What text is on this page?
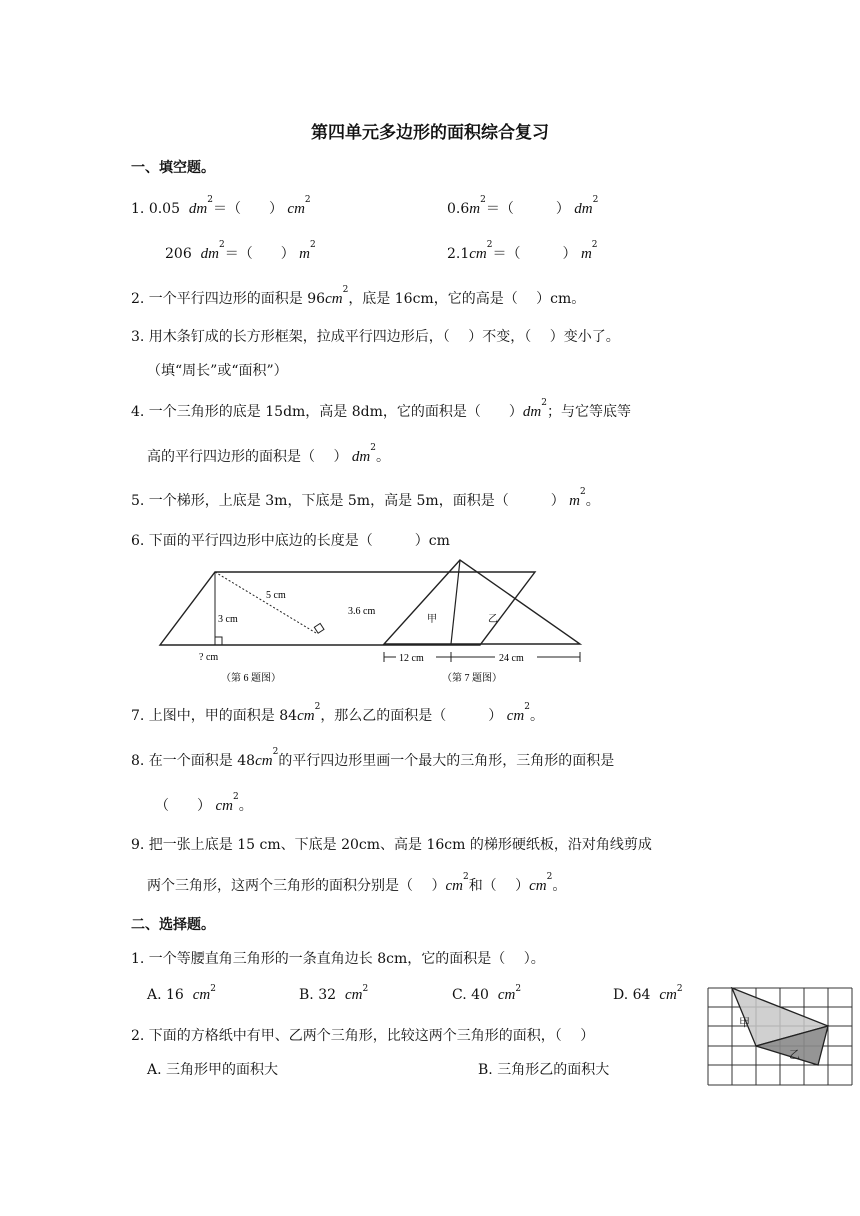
第四单元多边形的面积综合复习
一、填空题。
1. 0.05 $dm^2=$（　　） $cm^2$
$0.6m^2=$（　　　） $dm^2$
206 $dm^2=$（　　） $m^2$
$2.1cm^2=$（　　　） $m^2$
2. 一个平行四边形的面积是 $96cm^2$，底是 16cm，它的高是（　 ）cm。
3. 用木条钉成的长方形框架，拉成平行四边形后，（　 ）不变，（　 ）变小了。
（填“周长”或“面积”）
4. 一个三角形的底是 15dm，高是 8dm，它的面积是（　　）$dm^2$；与它等底等
高的平行四边形的面积是（　 ） $dm^2$。
5. 一个梯形，上底是 3m，下底是 5m，高是 5m，面积是（　　　） $m^2$。
6. 下面的平行四边形中底边的长度是（　　　）cm
5 cm
3.6 cm
3 cm
? cm
（第 6 题图）
甲	乙
12 cm	24 cm
（第 7 题图）
7. 上图中，甲的面积是 $84cm^2$，那么乙的面积是（　　　） $cm^2$。
8. 在一个面积是 $48cm^2$的平行四边形里画一个最大的三角形，三角形的面积是
（　　） $cm^2$。
9. 把一张上底是 15 cm、下底是 20cm、高是 16cm 的梯形硬纸板，沿对角线剪成
两个三角形，这两个三角形的面积分别是（　 ）$cm^2$和（　 ）$cm^2$。
二、选择题。
1. 一个等腰直角三角形的一条直角边长 8cm，它的面积是（　 ）。
A. 16 $cm^2$	B. 32 $cm^2$	C. 40 $cm^2$	D. 64 $cm^2$
2. 下面的方格纸中有甲、乙两个三角形，比较这两个三角形的面积，（　 ）
A. 三角形甲的面积大	B. 三角形乙的面积大
甲
乙
